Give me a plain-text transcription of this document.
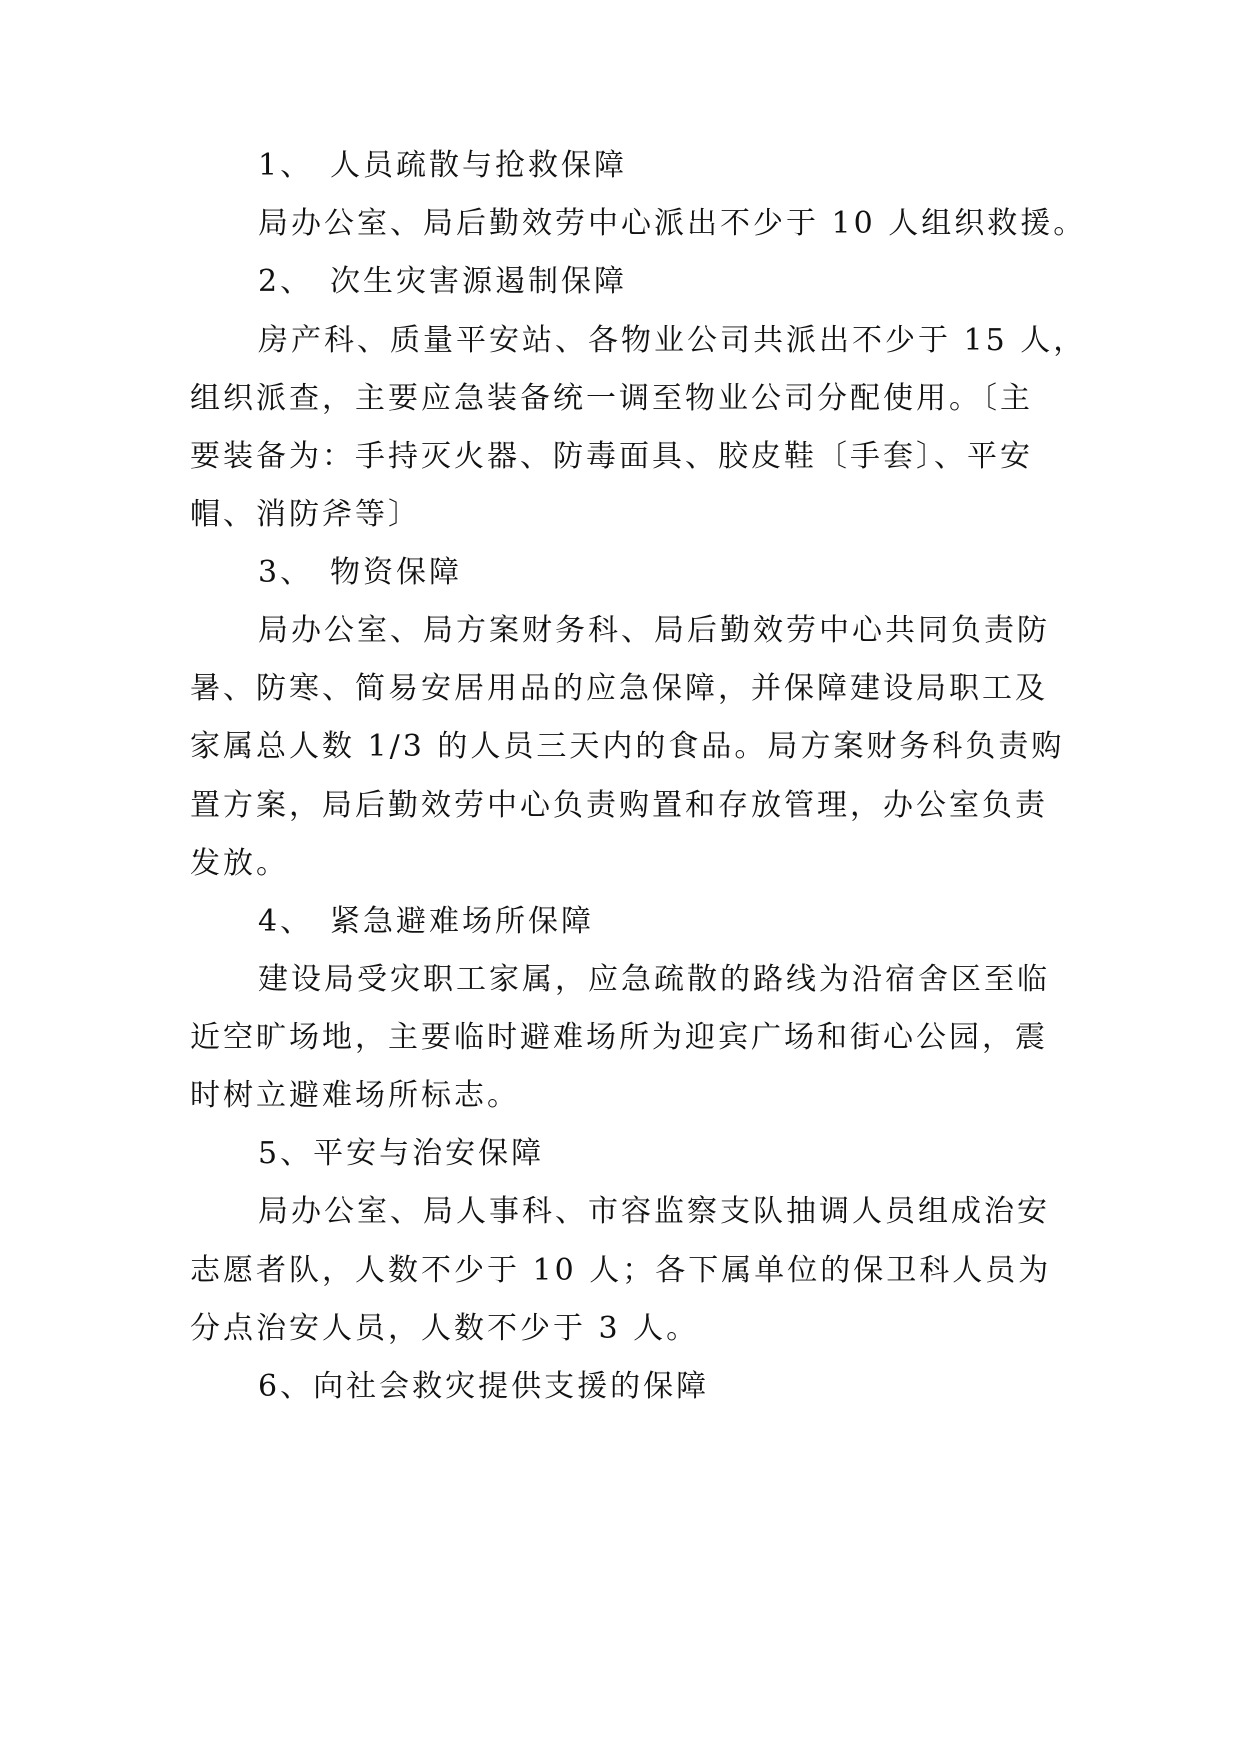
1、 人员疏散与抢救保障
局办公室、局后勤效劳中心派出不少于 10 人组织救援。
2、 次生灾害源遏制保障
房产科、质量平安站、各物业公司共派出不少于 15 人，
组织派查，主要应急装备统一调至物业公司分配使用。〔主
要装备为：手持灭火器、防毒面具、胶皮鞋〔手套〕、平安
帽、消防斧等〕
3、 物资保障
局办公室、局方案财务科、局后勤效劳中心共同负责防
暑、防寒、简易安居用品的应急保障，并保障建设局职工及
家属总人数 1/3 的人员三天内的食品。局方案财务科负责购
置方案，局后勤效劳中心负责购置和存放管理，办公室负责
发放。
4、 紧急避难场所保障
建设局受灾职工家属，应急疏散的路线为沿宿舍区至临
近空旷场地，主要临时避难场所为迎宾广场和街心公园，震
时树立避难场所标志。
5、平安与治安保障
局办公室、局人事科、市容监察支队抽调人员组成治安
志愿者队，人数不少于 10 人；各下属单位的保卫科人员为
分点治安人员，人数不少于 3 人。
6、向社会救灾提供支援的保障
